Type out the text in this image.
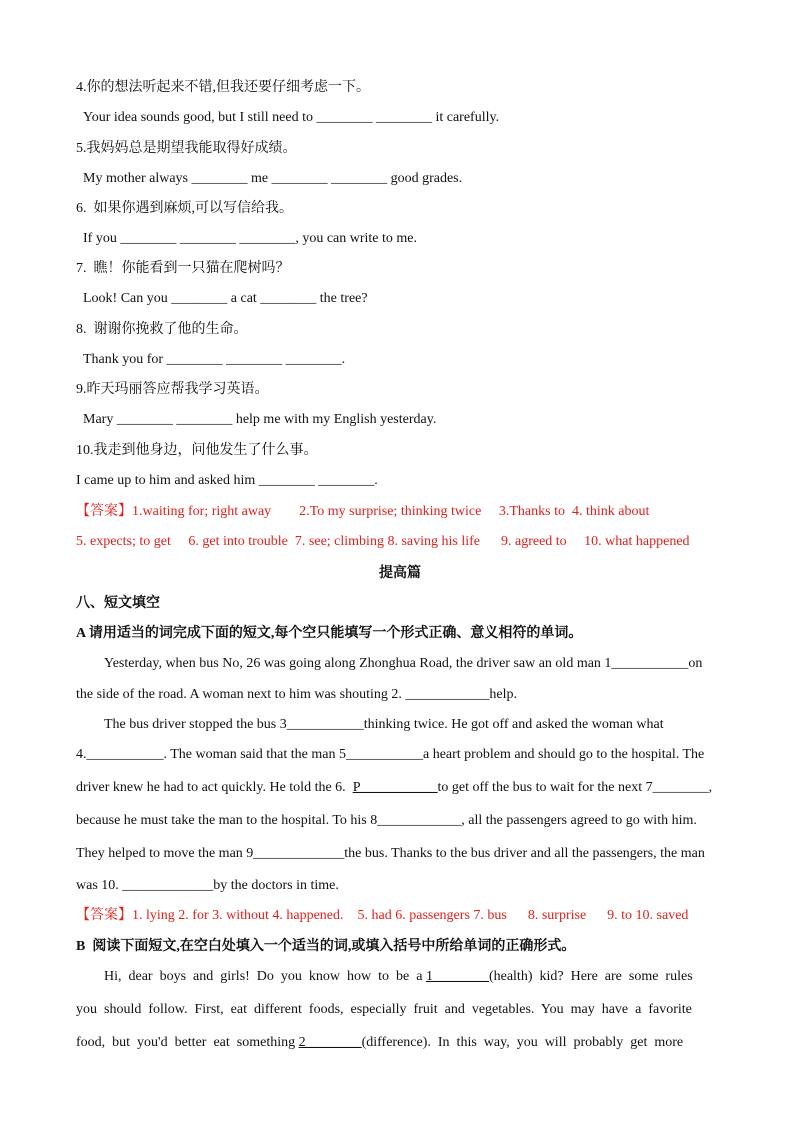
4.你的想法听起来不错,但我还要仔细考虑一下。
Your idea sounds good, but I still need to ________ ________ it carefully.
5.我妈妈总是期望我能取得好成绩。
My mother always ________ me ________ ________ good grades.
6.  如果你遇到麻烦,可以写信给我。
If you ________ ________ ________, you can write to me.
7.  瞧！你能看到一只猫在爬树吗？
Look! Can you ________ a cat ________ the tree?
8.  谢谢你挽救了他的生命。
Thank you for ________ ________ ________.
9.昨天玛丽答应帮我学习英语。
Mary ________ ________ help me with my English yesterday.
10.我走到他身边，问他发生了什么事。
I came up to him and asked him ________ ________.
【答案】1.waiting for; right away        2.To my surprise; thinking twice     3.Thanks to  4. think about
5. expects; to get     6. get into trouble  7. see; climbing 8. saving his life      9. agreed to     10. what happened
提高篇
八、短文填空
A 请用适当的词完成下面的短文,每个空只能填写一个形式正确、意义相符的单词。
Yesterday, when bus No, 26 was going along Zhonghua Road, the driver saw an old man 1___________on
the side of the road. A woman next to him was shouting 2. ____________help.
The bus driver stopped the bus 3___________thinking twice. He got off and asked the woman what
4.___________. The woman said that the man 5___________a heart problem and should go to the hospital. The
driver knew he had to act quickly. He told the 6. P___________to get off the bus to wait for the next 7________,
because he must take the man to the hospital. To his 8____________, all the passengers agreed to go with him.
They helped to move the man 9_____________the bus. Thanks to the bus driver and all the passengers, the man
was 10. _____________by the doctors in time.
【答案】1. lying 2. for 3. without 4. happened.    5. had 6. passengers 7. bus      8. surprise      9. to 10. saved
B  阅读下面短文,在空白处填入一个适当的词,或填入括号中所给单词的正确形式。
Hi,  dear  boys  and  girls!  Do  you  know  how  to  be  a 1________(health)  kid?  Here  are  some  rules
you  should  follow.  First,  eat  different  foods,  especially  fruit  and  vegetables.  You  may  have  a  favorite
food,  but  you'd  better  eat  something 2________(difference).  In  this  way,  you  will  probably  get  more
